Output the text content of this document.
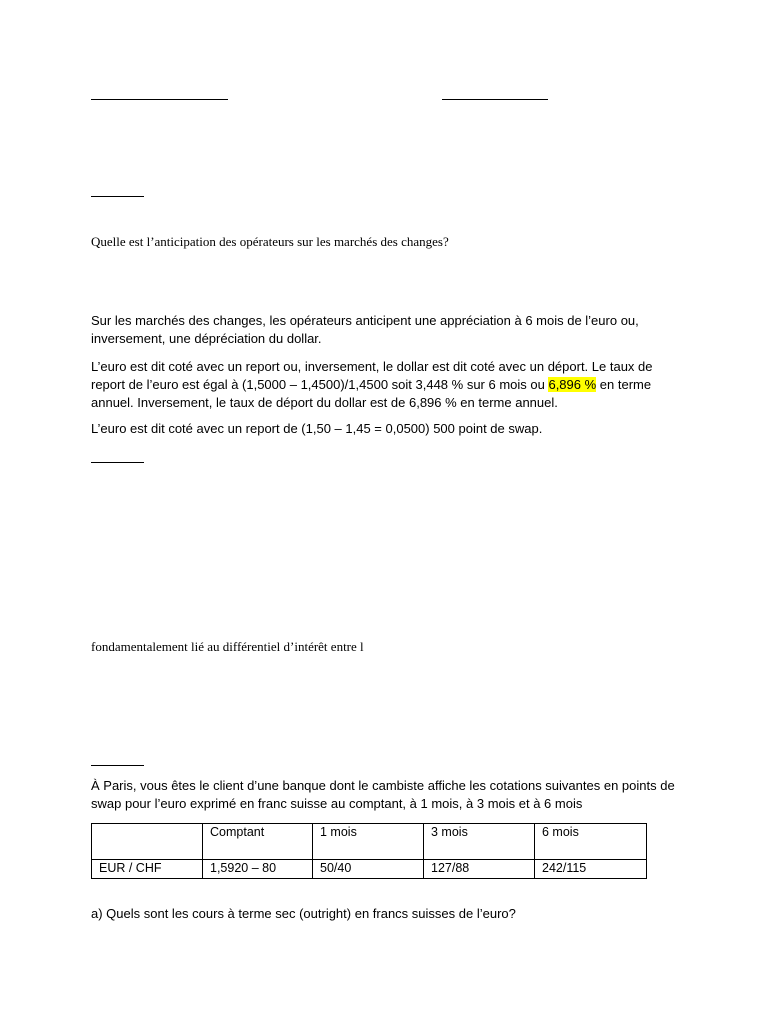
Quelle est l’anticipation des opérateurs sur les marchés des changes?

Sur les marchés des changes, les opérateurs anticipent une appréciation à 6 mois de l’euro ou, inversement, une dépréciation du dollar.

L’euro est dit coté avec un report ou, inversement, le dollar est dit coté avec un déport. Le taux de report de l’euro est égal à (1,5000 – 1,4500)/1,4500 soit 3,448 % sur 6 mois ou 6,896 % en terme annuel. Inversement, le taux de déport du dollar est de 6,896 % en terme annuel.

L’euro est dit coté avec un report de (1,50 – 1,45 = 0,0500) 500 point de swap.

fondamentalement lié au différentiel d’intérêt entre l

À Paris, vous êtes le client d’une banque dont le cambiste affiche les cotations suivantes en points de swap pour l’euro exprimé en franc suisse au comptant, à 1 mois, à 3 mois et à 6 mois

	Comptant	1 mois	3 mois	6 mois
EUR / CHF	1,5920 – 80	50/40	127/88	242/115

a) Quels sont les cours à terme sec (outright) en francs suisses de l’euro?
